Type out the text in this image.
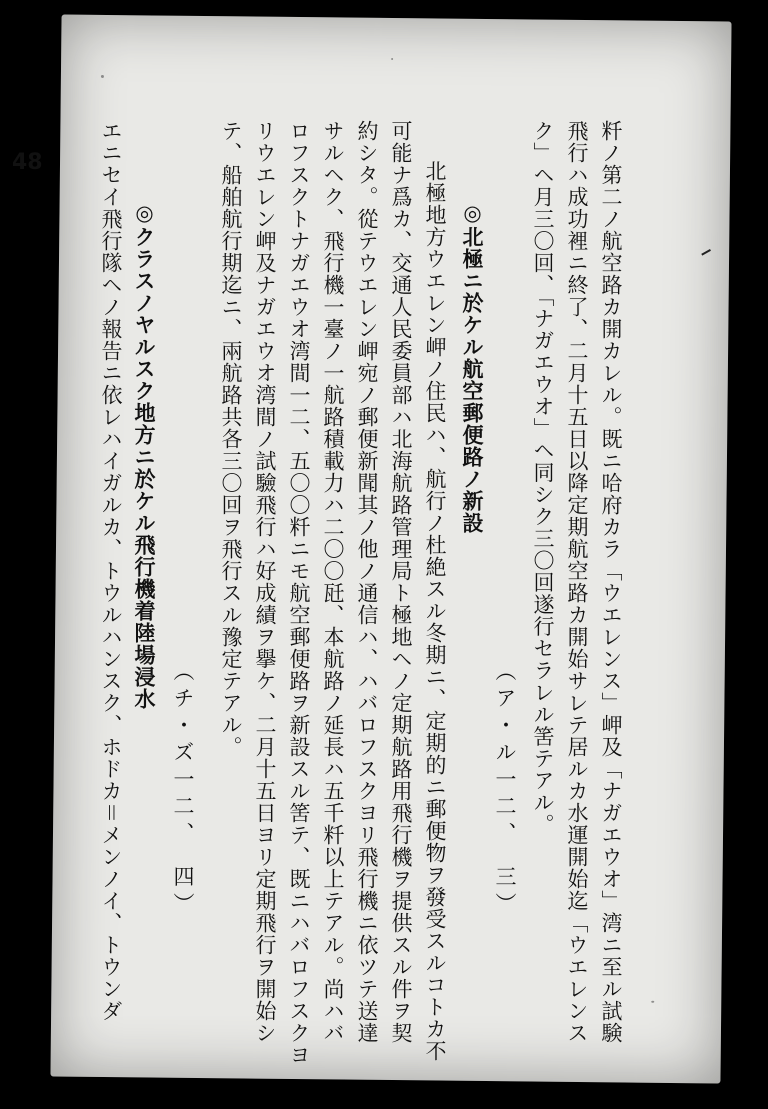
48	粁ノ第二ノ航空路カ開カレル。既ニ哈府カラ「ウエレンス」岬及「ナガエウオ」湾ニ至ル試験
飛行ハ成功裡ニ終了、二月十五日以降定期航空路カ開始サレテ居ルカ水運開始迄「ウエレンス
ク」ヘ月三〇回、「ナガエウオ」ヘ同シク三〇回遂行セラレル筈テアル。
（ア・ル一二、　三）
◎北極ニ於ケル航空郵便路ノ新設
北極地方ウエレン岬ノ住民ハ、航行ノ杜絶スル冬期ニ、定期的ニ郵便物ヲ發受スルコトカ不
可能ナ爲カ、交通人民委員部ハ北海航路管理局ト極地ヘノ定期航路用飛行機ヲ提供スル件ヲ契
約シタ。從テウエレン岬宛ノ郵便新聞其ノ他ノ通信ハ、ハバロフスクヨリ飛行機ニ依ツテ送達
サルヘク、飛行機一臺ノ一航路積載力ハ二〇〇瓩、本航路ノ延長ハ五千粁以上テアル。尚ハバ
ロフスクトナガエウオ湾間一二、五〇〇粁ニモ航空郵便路ヲ新設スル筈テ、既ニハバロフスクヨ
リウエレン岬及ナガエウオ湾間ノ試驗飛行ハ好成績ヲ擧ケ、二月十五日ヨリ定期飛行ヲ開始シ
テ、船舶航行期迄ニ、兩航路共各三〇回ヲ飛行スル豫定テアル。
（チ・ズ一二、　四）
◎クラスノヤルスク地方ニ於ケル飛行機着陸場浸水
エニセイ飛行隊ヘノ報告ニ依レハイガルカ、トウルハンスク、ホドカ＝メンノイ、トウンダ
